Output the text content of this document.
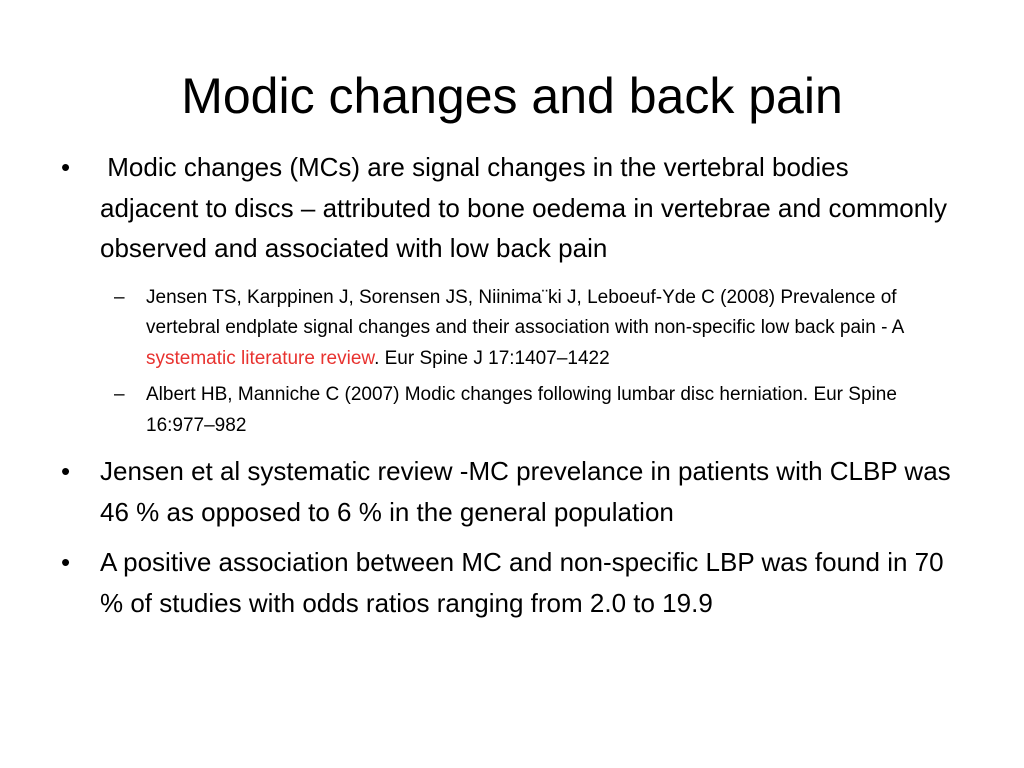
Modic changes and back pain
• Modic changes (MCs) are signal changes in the vertebral bodies adjacent to discs – attributed to bone oedema in vertebrae and commonly observed and associated with low back pain
– Jensen TS, Karppinen J, Sorensen JS, Niinima¨ki J, Leboeuf-Yde C (2008) Prevalence of vertebral endplate signal changes and their association with non-specific low back pain - A systematic literature review. Eur Spine J 17:1407–1422
– Albert HB, Manniche C (2007) Modic changes following lumbar disc herniation. Eur Spine 16:977–982
• Jensen et al systematic review -MC prevelance in patients with CLBP was 46 % as opposed to 6 % in the general population
• A positive association between MC and non-specific LBP was found in 70 % of studies with odds ratios ranging from 2.0 to 19.9
